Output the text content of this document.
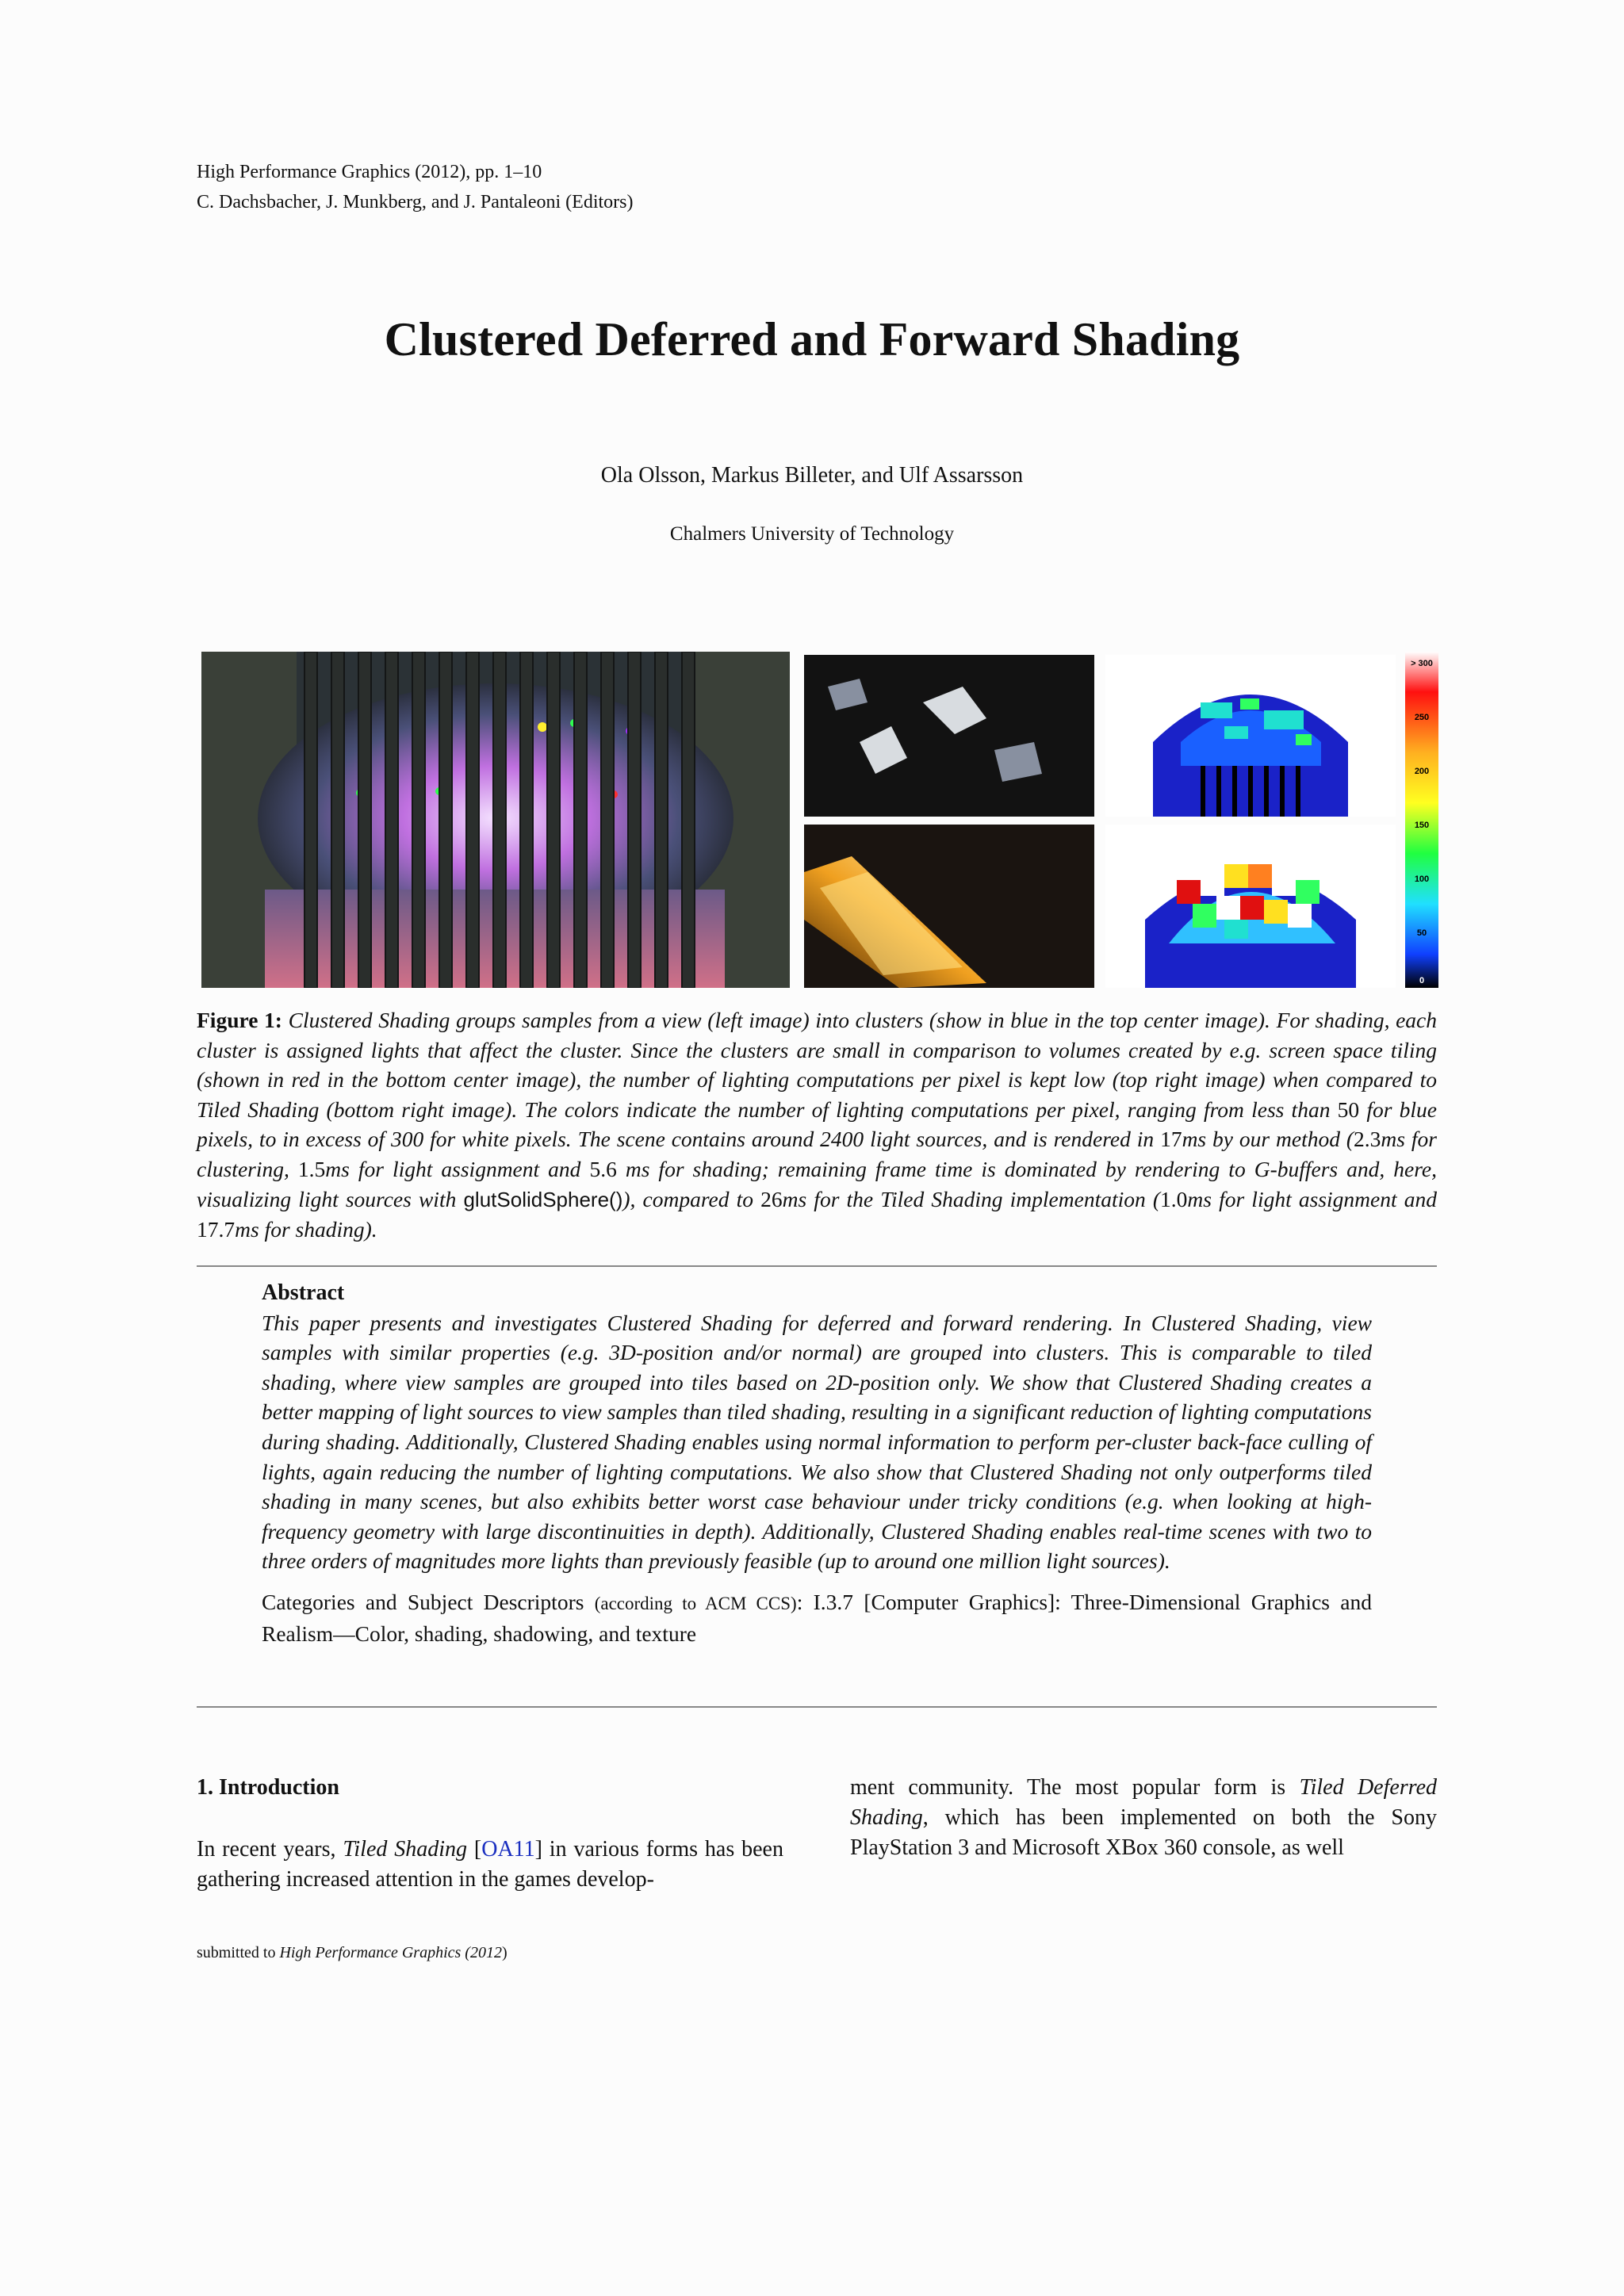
High Performance Graphics (2012), pp. 1–10
C. Dachsbacher, J. Munkberg, and J. Pantaleoni (Editors)
Clustered Deferred and Forward Shading
Ola Olsson, Markus Billeter, and Ulf Assarsson
Chalmers University of Technology
> 300
250
200
150
100
50
0
Figure 1: Clustered Shading groups samples from a view (left image) into clusters (show in blue in the top center image). For shading, each cluster is assigned lights that affect the cluster. Since the clusters are small in comparison to volumes created by e.g. screen space tiling (shown in red in the bottom center image), the number of lighting computations per pixel is kept low (top right image) when compared to Tiled Shading (bottom right image). The colors indicate the number of lighting computations per pixel, ranging from less than 50 for blue pixels, to in excess of 300 for white pixels. The scene contains around 2400 light sources, and is rendered in 17ms by our method (2.3ms for clustering, 1.5ms for light assignment and 5.6 ms for shading; remaining frame time is dominated by rendering to G-buffers and, here, visualizing light sources with glutSolidSphere()), compared to 26ms for the Tiled Shading implementation (1.0ms for light assignment and 17.7ms for shading).
Abstract
This paper presents and investigates Clustered Shading for deferred and forward rendering. In Clustered Shading, view samples with similar properties (e.g. 3D-position and/or normal) are grouped into clusters. This is comparable to tiled shading, where view samples are grouped into tiles based on 2D-position only. We show that Clustered Shading creates a better mapping of light sources to view samples than tiled shading, resulting in a significant reduction of lighting computations during shading. Additionally, Clustered Shading enables using normal information to perform per-cluster back-face culling of lights, again reducing the number of lighting computations. We also show that Clustered Shading not only outperforms tiled shading in many scenes, but also exhibits better worst case behaviour under tricky conditions (e.g. when looking at high-frequency geometry with large discontinuities in depth). Additionally, Clustered Shading enables real-time scenes with two to three orders of magnitudes more lights than previously feasible (up to around one million light sources).
Categories and Subject Descriptors (according to ACM CCS): I.3.7 [Computer Graphics]: Three-Dimensional Graphics and Realism—Color, shading, shadowing, and texture
1. Introduction
In recent years, Tiled Shading [OA11] in various forms has been gathering increased attention in the games develop-
ment community. The most popular form is Tiled Deferred Shading, which has been implemented on both the Sony PlayStation 3 and Microsoft XBox 360 console, as well
submitted to High Performance Graphics (2012)
